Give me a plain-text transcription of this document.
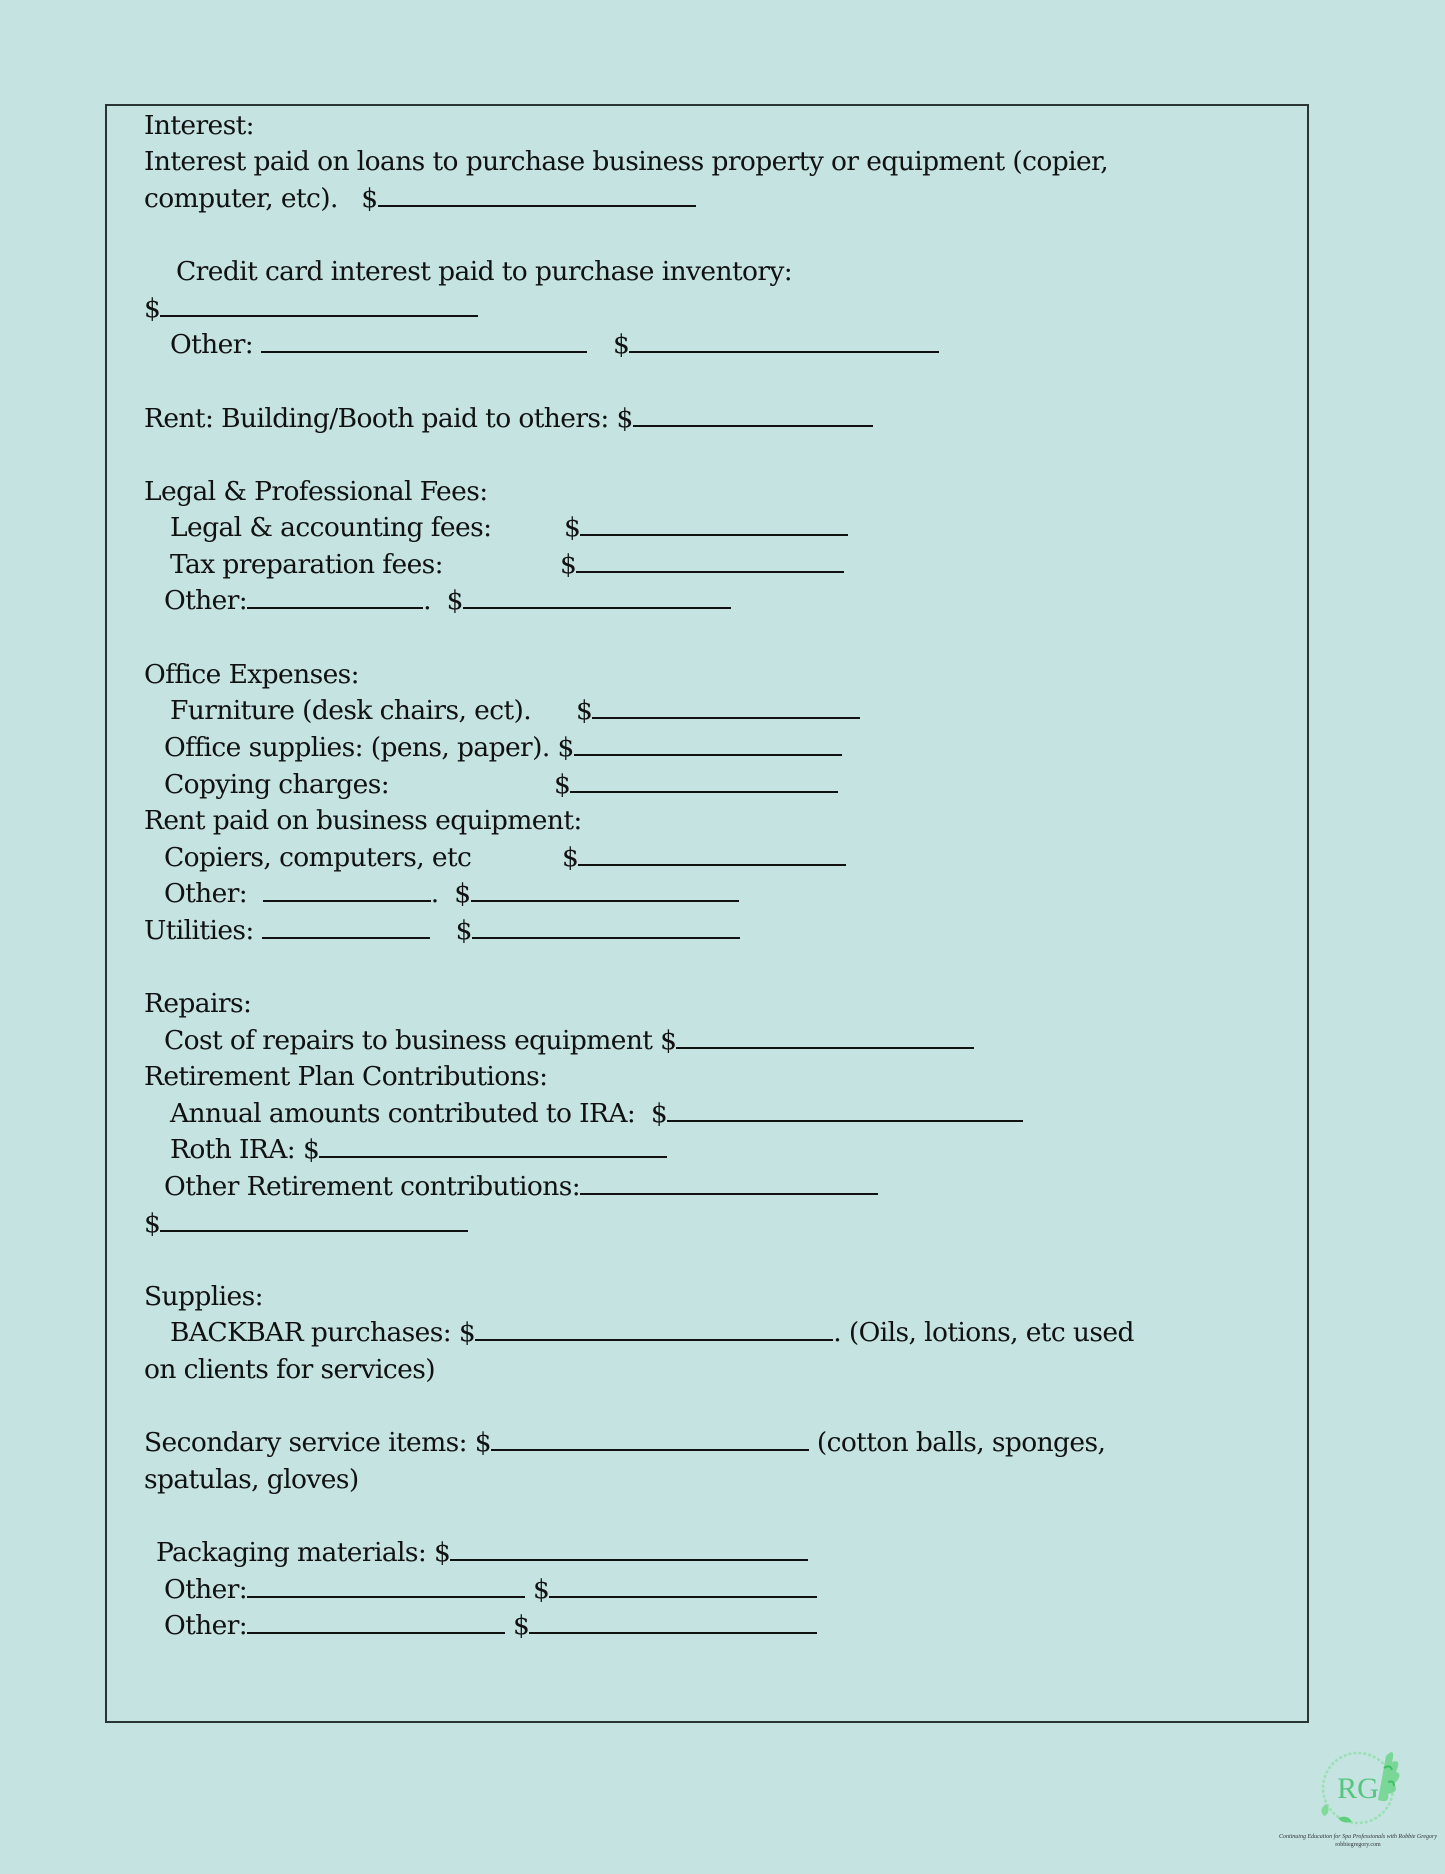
Interest:
Interest paid on loans to purchase business property or equipment (copier,
computer, etc).   $
Credit card interest paid to purchase inventory:
$
Other:	$
Rent: Building/Booth paid to others: $
Legal & Professional Fees:
Legal & accounting fees:	$
Tax preparation fees:	$
Other:	.  $
Office Expenses:
Furniture (desk chairs, ect). $
Office supplies: (pens, paper). $
Copying charges:	$
Rent paid on business equipment:
Copiers, computers, etc	$
Other:	.  $
Utilities:	$
Repairs:
Cost of repairs to business equipment $
Retirement Plan Contributions:
Annual amounts contributed to IRA:  $
Roth IRA: $
Other Retirement contributions:
$
Supplies:
BACKBAR purchases: $	. (Oils, lotions, etc used
on clients for services)
Secondary service items: $	(cotton balls, sponges,
spatulas, gloves)
Packaging materials: $
Other:	$
Other:	$
RG
Continuing Education for Spa Professionals with Robbie Gregory
robbiegregory.com
